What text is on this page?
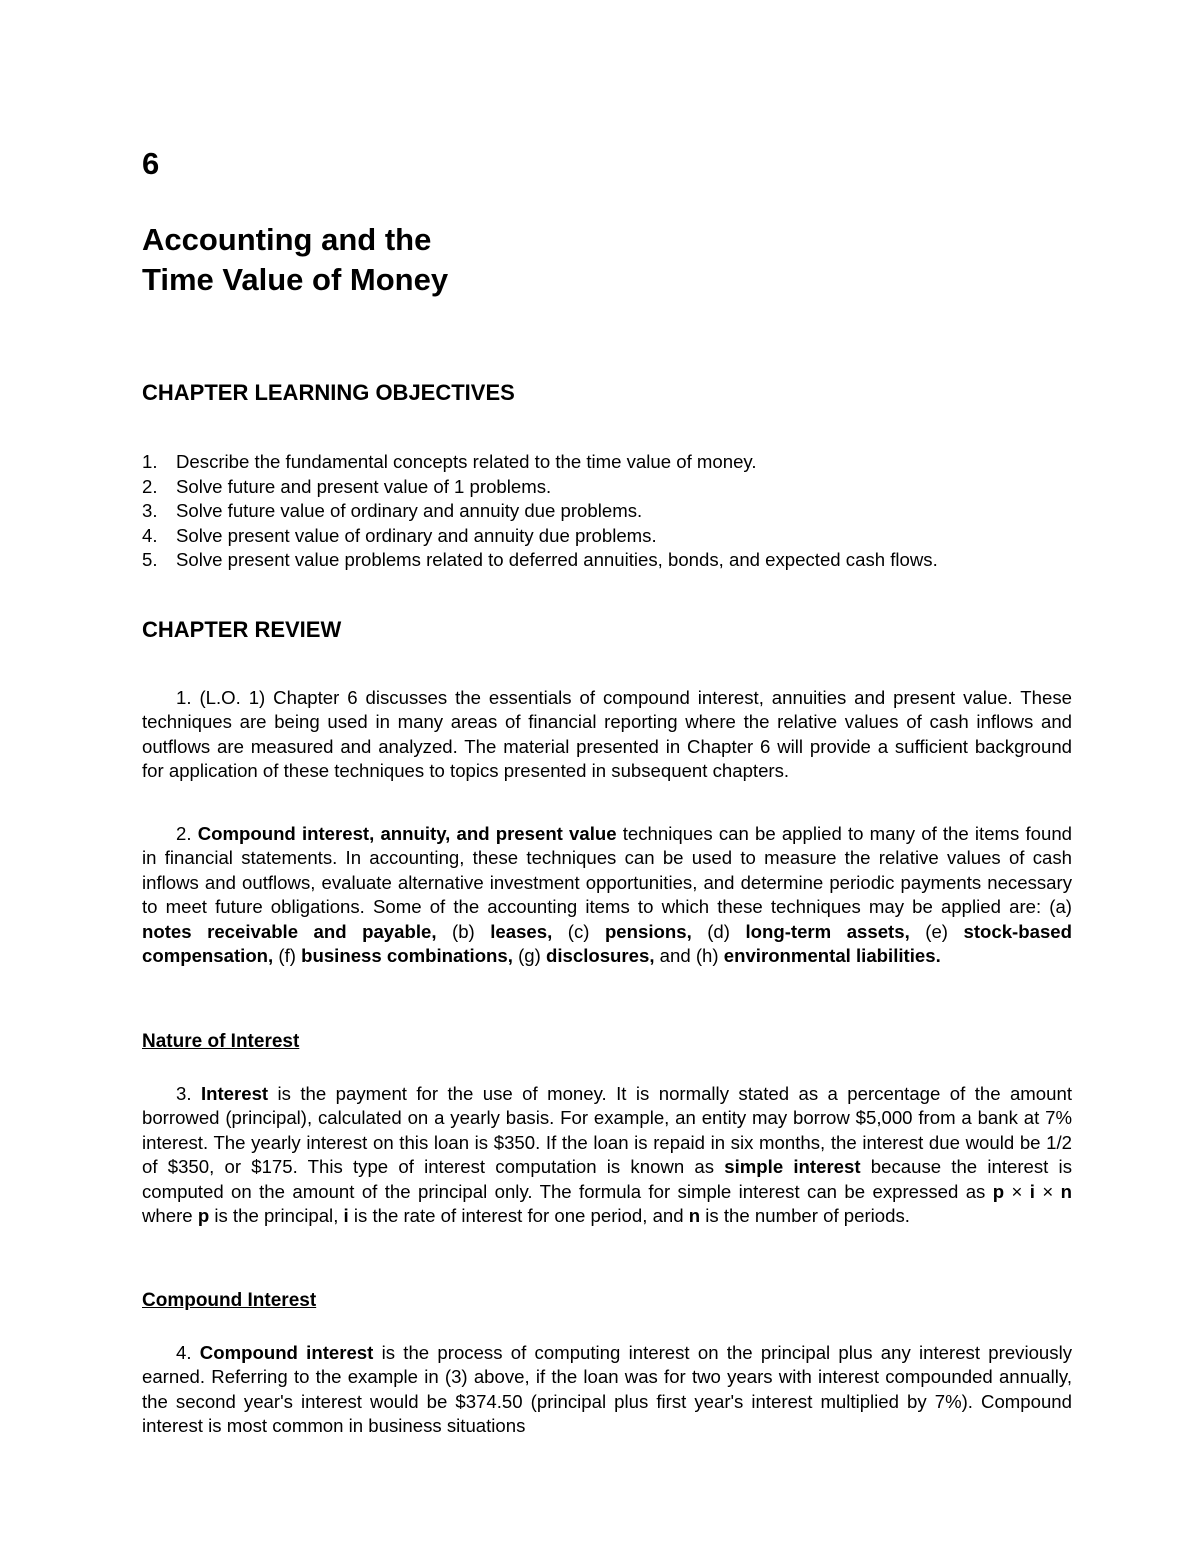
6
Accounting and the
Time Value of Money
CHAPTER LEARNING OBJECTIVES
1. Describe the fundamental concepts related to the time value of money.
2. Solve future and present value of 1 problems.
3. Solve future value of ordinary and annuity due problems.
4. Solve present value of ordinary and annuity due problems.
5. Solve present value problems related to deferred annuities, bonds, and expected cash flows.
CHAPTER REVIEW

1. (L.O. 1) Chapter 6 discusses the essentials of compound interest, annuities and present value. These techniques are being used in many areas of financial reporting where the relative values of cash inflows and outflows are measured and analyzed. The material presented in Chapter 6 will provide a sufficient background for application of these techniques to topics presented in subsequent chapters.

2. Compound interest, annuity, and present value techniques can be applied to many of the items found in financial statements. In accounting, these techniques can be used to measure the relative values of cash inflows and outflows, evaluate alternative investment opportunities, and determine periodic payments necessary to meet future obligations. Some of the accounting items to which these techniques may be applied are: (a) notes receivable and payable, (b) leases, (c) pensions, (d) long-term assets, (e) stock-based compensation, (f) business combinations, (g) disclosures, and (h) environmental liabilities.

Nature of Interest

3. Interest is the payment for the use of money. It is normally stated as a percentage of the amount borrowed (principal), calculated on a yearly basis. For example, an entity may borrow $5,000 from a bank at 7% interest. The yearly interest on this loan is $350. If the loan is repaid in six months, the interest due would be 1/2 of $350, or $175. This type of interest computation is known as simple interest because the interest is computed on the amount of the principal only. The formula for simple interest can be expressed as p × i × n where p is the principal, i is the rate of interest for one period, and n is the number of periods.

Compound Interest

4. Compound interest is the process of computing interest on the principal plus any interest previously earned. Referring to the example in (3) above, if the loan was for two years with interest compounded annually, the second year's interest would be $374.50 (principal plus first year's interest multiplied by 7%). Compound interest is most common in business situations
